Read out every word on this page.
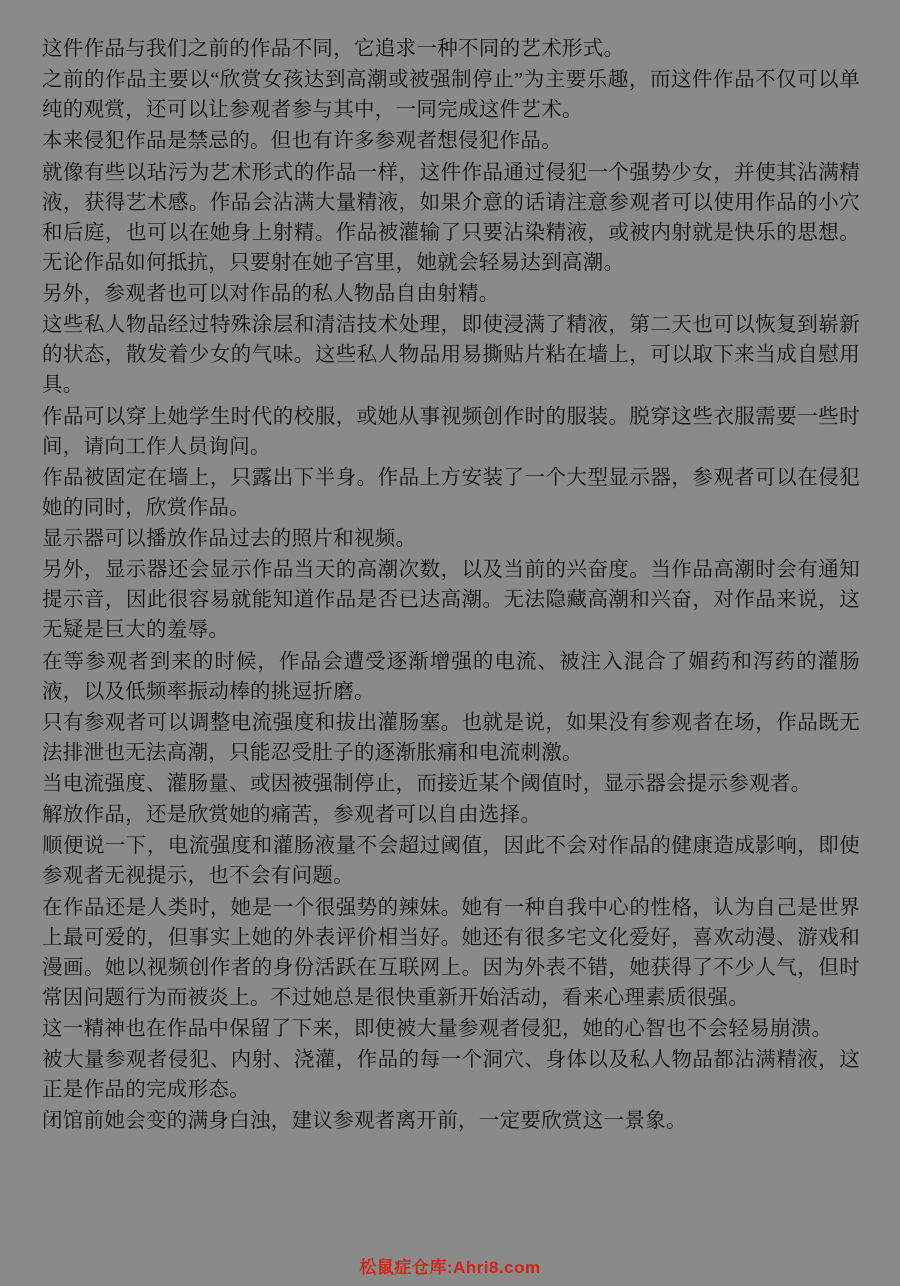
这件作品与我们之前的作品不同，它追求一种不同的艺术形式。

之前的作品主要以“欣赏女孩达到高潮或被强制停止”为主要乐趣，而这件作品不仅可以单纯的观赏，还可以让参观者参与其中，一同完成这件艺术。

本来侵犯作品是禁忌的。但也有许多参观者想侵犯作品。

就像有些以玷污为艺术形式的作品一样，这件作品通过侵犯一个强势少女，并使其沾满精液，获得艺术感。作品会沾满大量精液，如果介意的话请注意参观者可以使用作品的小穴和后庭，也可以在她身上射精。作品被灌输了只要沾染精液，或被内射就是快乐的思想。无论作品如何抵抗，只要射在她子宫里，她就会轻易达到高潮。

另外，参观者也可以对作品的私人物品自由射精。

这些私人物品经过特殊涂层和清洁技术处理，即使浸满了精液，第二天也可以恢复到崭新的状态，散发着少女的气味。这些私人物品用易撕贴片粘在墙上，可以取下来当成自慰用具。

作品可以穿上她学生时代的校服，或她从事视频创作时的服装。脱穿这些衣服需要一些时间，请向工作人员询问。

作品被固定在墙上，只露出下半身。作品上方安装了一个大型显示器，参观者可以在侵犯她的同时，欣赏作品。

显示器可以播放作品过去的照片和视频。

另外，显示器还会显示作品当天的高潮次数，以及当前的兴奋度。当作品高潮时会有通知提示音，因此很容易就能知道作品是否已达高潮。无法隐藏高潮和兴奋，对作品来说，这无疑是巨大的羞辱。

在等参观者到来的时候，作品会遭受逐渐增强的电流、被注入混合了媚药和泻药的灌肠液，以及低频率振动棒的挑逗折磨。

只有参观者可以调整电流强度和拔出灌肠塞。也就是说，如果没有参观者在场，作品既无法排泄也无法高潮，只能忍受肚子的逐渐胀痛和电流刺激。

当电流强度、灌肠量、或因被强制停止，而接近某个阈值时，显示器会提示参观者。

解放作品，还是欣赏她的痛苦，参观者可以自由选择。

顺便说一下，电流强度和灌肠液量不会超过阈值，因此不会对作品的健康造成影响，即使参观者无视提示，也不会有问题。

在作品还是人类时，她是一个很强势的辣妹。她有一种自我中心的性格，认为自己是世界上最可爱的，但事实上她的外表评价相当好。她还有很多宅文化爱好，喜欢动漫、游戏和漫画。她以视频创作者的身份活跃在互联网上。因为外表不错，她获得了不少人气，但时常因问题行为而被炎上。不过她总是很快重新开始活动，看来心理素质很强。

这一精神也在作品中保留了下来，即使被大量参观者侵犯，她的心智也不会轻易崩溃。

被大量参观者侵犯、内射、浇灌，作品的每一个洞穴、身体以及私人物品都沾满精液，这正是作品的完成形态。

闭馆前她会变的满身白浊，建议参观者离开前，一定要欣赏这一景象。

松鼠症仓库:Ahri8.com
